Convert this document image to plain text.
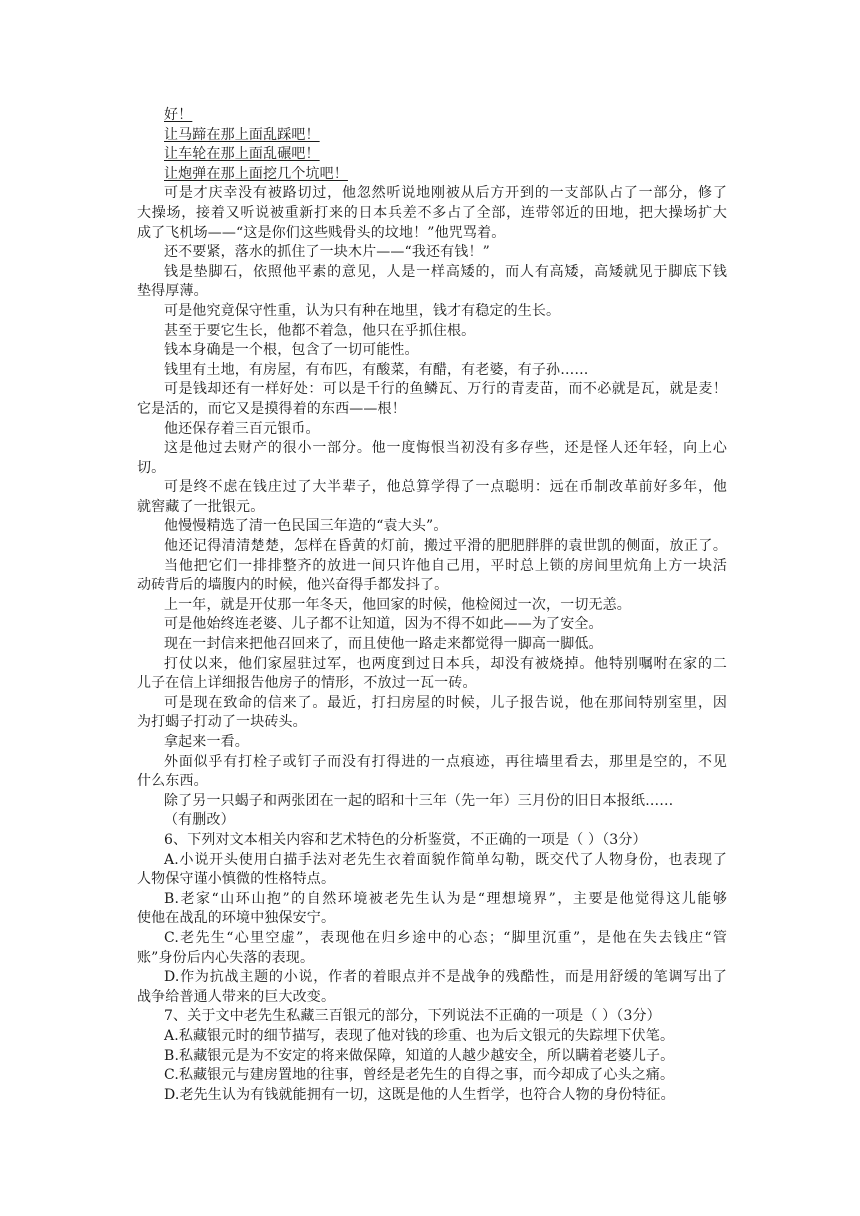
好！
让马蹄在那上面乱踩吧！
让车轮在那上面乱碾吧！
让炮弹在那上面挖几个坑吧！
可是才庆幸没有被路切过，他忽然听说地刚被从后方开到的一支部队占了一部分，修了
大操场，接着又听说被重新打来的日本兵差不多占了全部，连带邻近的田地，把大操场扩大
成了飞机场——“这是你们这些贱骨头的坟地！”他咒骂着。
还不要紧，落水的抓住了一块木片——“我还有钱！”
钱是垫脚石，依照他平素的意见，人是一样高矮的，而人有高矮，高矮就见于脚底下钱
垫得厚薄。
可是他究竟保守性重，认为只有种在地里，钱才有稳定的生长。
甚至于要它生长，他都不着急，他只在乎抓住根。
钱本身确是一个根，包含了一切可能性。
钱里有土地，有房屋，有布匹，有酸菜，有醋，有老婆，有子孙……
可是钱却还有一样好处：可以是千行的鱼鳞瓦、万行的青麦苗，而不必就是瓦，就是麦！
它是活的，而它又是摸得着的东西——根！
他还保存着三百元银币。
这是他过去财产的很小一部分。他一度悔恨当初没有多存些，还是怪人还年轻，向上心
切。
可是终不虑在钱庄过了大半辈子，他总算学得了一点聪明：远在币制改革前好多年，他
就窖藏了一批银元。
他慢慢精选了清一色民国三年造的“袁大头”。
他还记得清清楚楚，怎样在昏黄的灯前，搬过平滑的肥肥胖胖的袁世凯的侧面，放正了。
当他把它们一排排整齐的放进一间只许他自己用，平时总上锁的房间里炕角上方一块活
动砖背后的墙腹内的时候，他兴奋得手都发抖了。
上一年，就是开仗那一年冬天，他回家的时候，他检阅过一次，一切无恙。
可是他始终连老婆、儿子都不让知道，因为不得不如此——为了安全。
现在一封信来把他召回来了，而且使他一路走来都觉得一脚高一脚低。
打仗以来，他们家屋驻过军，也两度到过日本兵，却没有被烧掉。他特别嘱咐在家的二
儿子在信上详细报告他房子的情形，不放过一瓦一砖。
可是现在致命的信来了。最近，打扫房屋的时候，儿子报告说，他在那间特别室里，因
为打蝎子打动了一块砖头。
拿起来一看。
外面似乎有打栓子或钉子而没有打得进的一点痕迹，再往墙里看去，那里是空的，不见
什么东西。
除了另一只蝎子和两张团在一起的昭和十三年（先一年）三月份的旧日本报纸……
（有删改）
6、下列对文本相关内容和艺术特色的分析鉴赏，不正确的一项是（ ）（3分）
A.小说开头使用白描手法对老先生衣着面貌作简单勾勒，既交代了人物身份，也表现了
人物保守谨小慎微的性格特点。
B.老家“山环山抱”的自然环境被老先生认为是“理想境界”，主要是他觉得这儿能够
使他在战乱的环境中独保安宁。
C.老先生“心里空虚”，表现他在归乡途中的心态；“脚里沉重”，是他在失去钱庄“管
账”身份后内心失落的表现。
D.作为抗战主题的小说，作者的着眼点并不是战争的残酷性，而是用舒缓的笔调写出了
战争给普通人带来的巨大改变。
7、关于文中老先生私藏三百银元的部分，下列说法不正确的一项是（ ）（3分）
A.私藏银元时的细节描写，表现了他对钱的珍重、也为后文银元的失踪埋下伏笔。
B.私藏银元是为不安定的将来做保障，知道的人越少越安全，所以瞒着老婆儿子。
C.私藏银元与建房置地的往事，曾经是老先生的自得之事，而今却成了心头之痛。
D.老先生认为有钱就能拥有一切，这既是他的人生哲学，也符合人物的身份特征。
